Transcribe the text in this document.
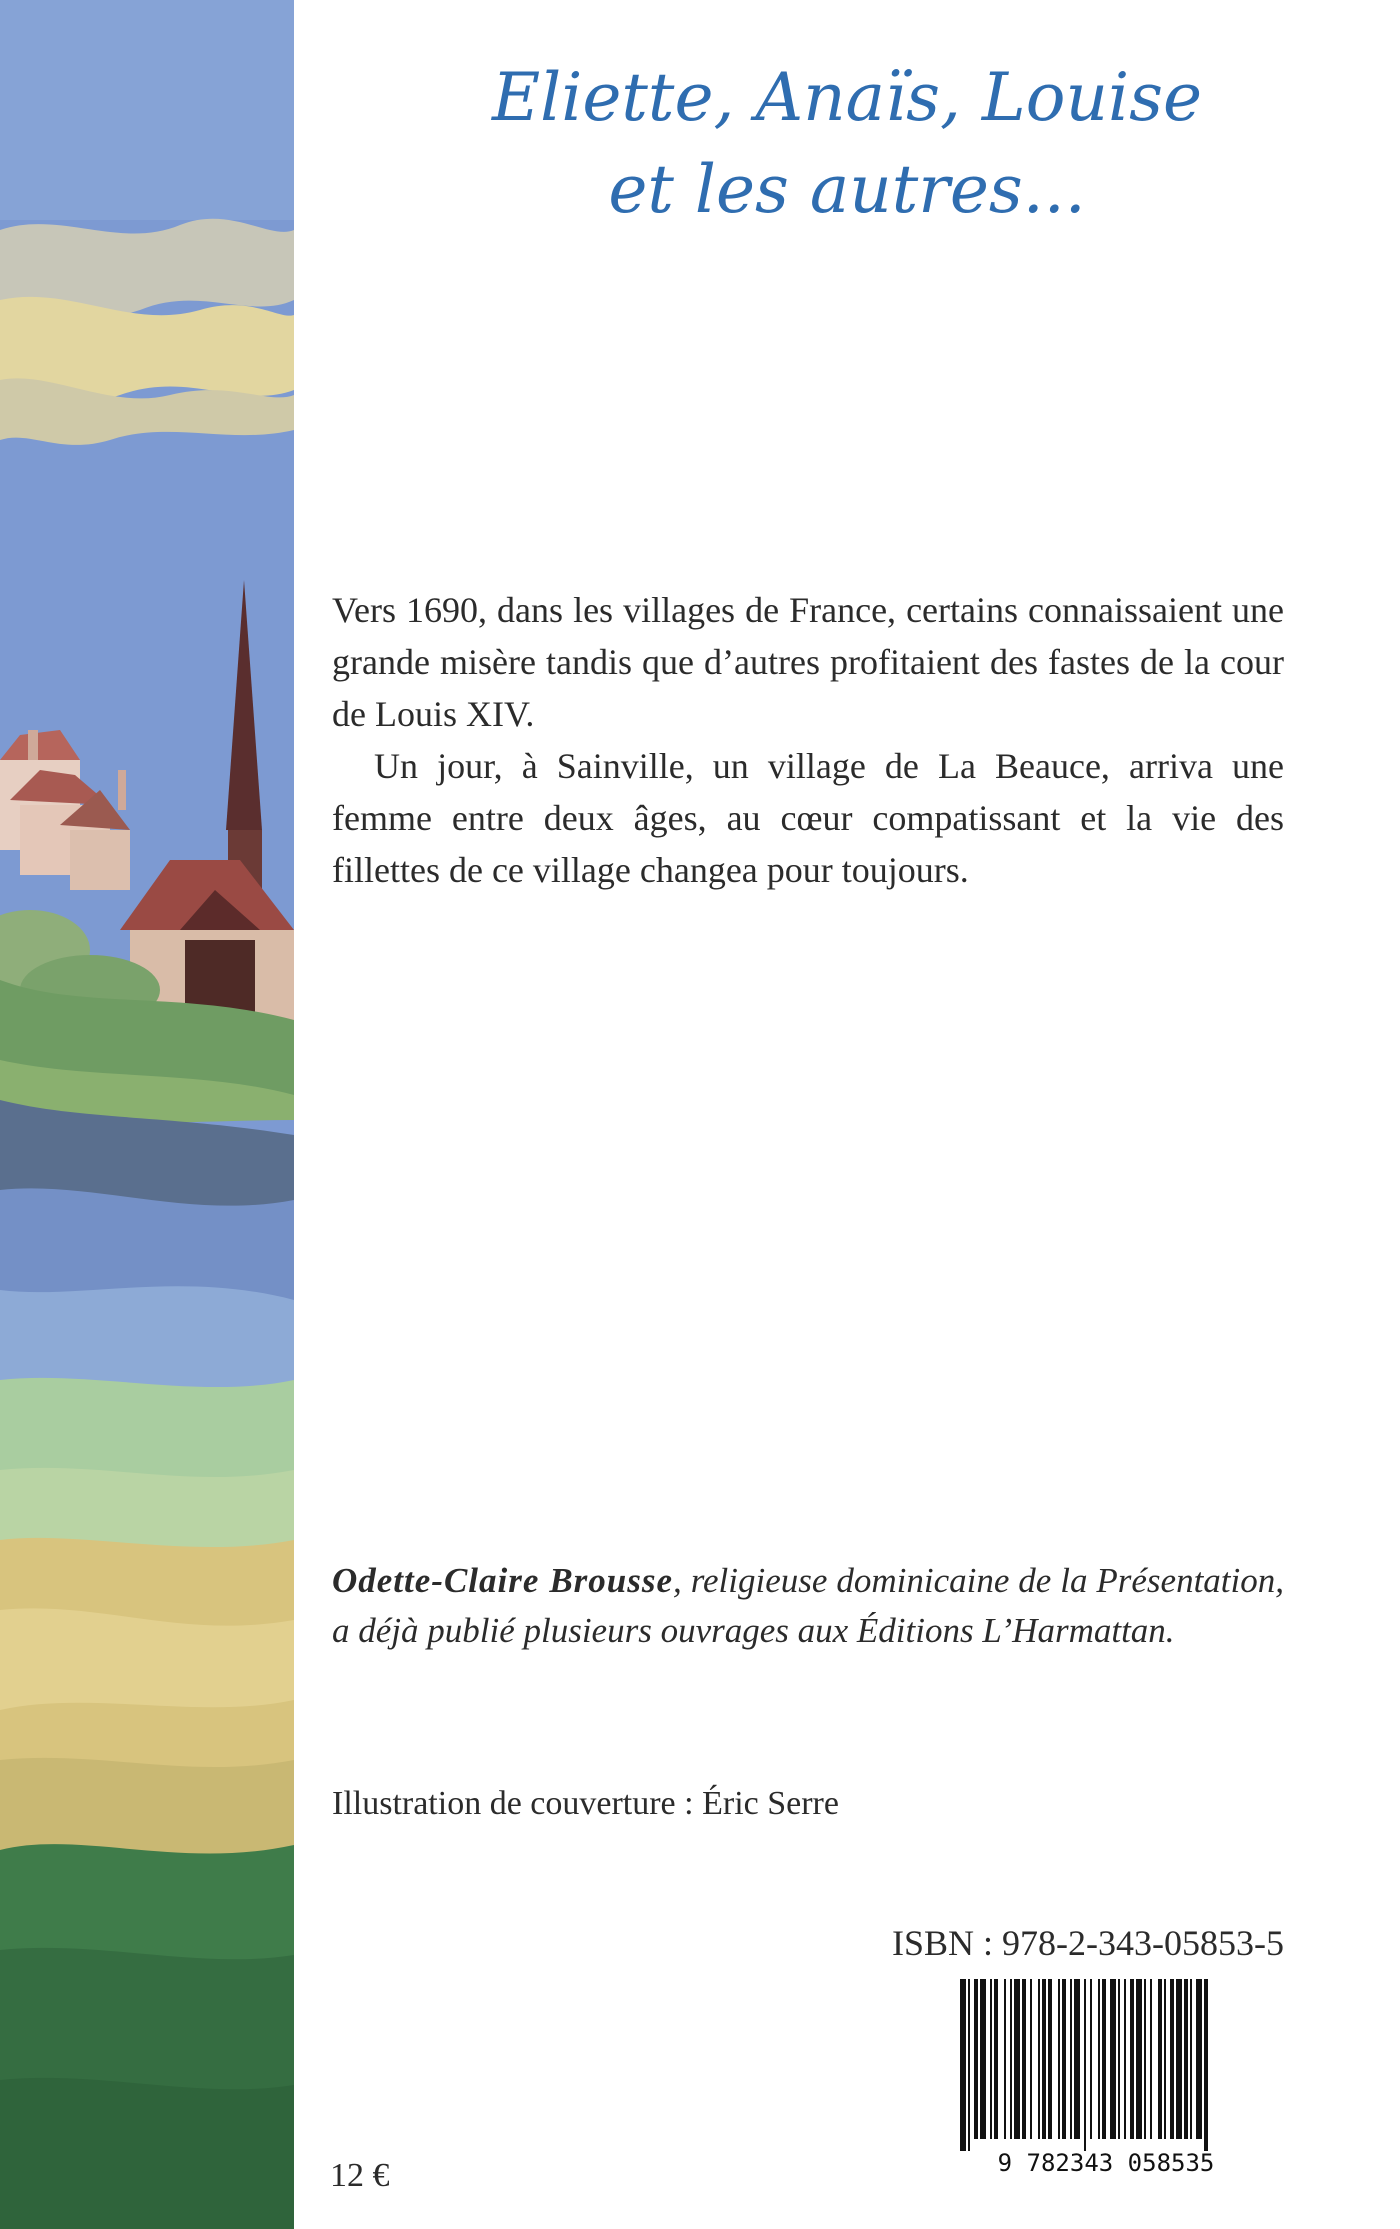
Eliette, Anaïs, Louise
et les autres...

Vers 1690, dans les villages de France, certains connaissaient une grande misère tandis que d’autres profitaient des fastes de la cour de Louis XIV.

Un jour, à Sainville, un village de La Beauce, arriva une femme entre deux âges, au cœur compatissant et la vie des fillettes de ce village changea pour toujours.

Odette-Claire Brousse, religieuse dominicaine de la Présentation, a déjà publié plusieurs ouvrages aux Éditions L’Harmattan.
Illustration de couverture : Éric Serre
ISBN : 978-2-343-05853-5
9 782343 058535
12 €
